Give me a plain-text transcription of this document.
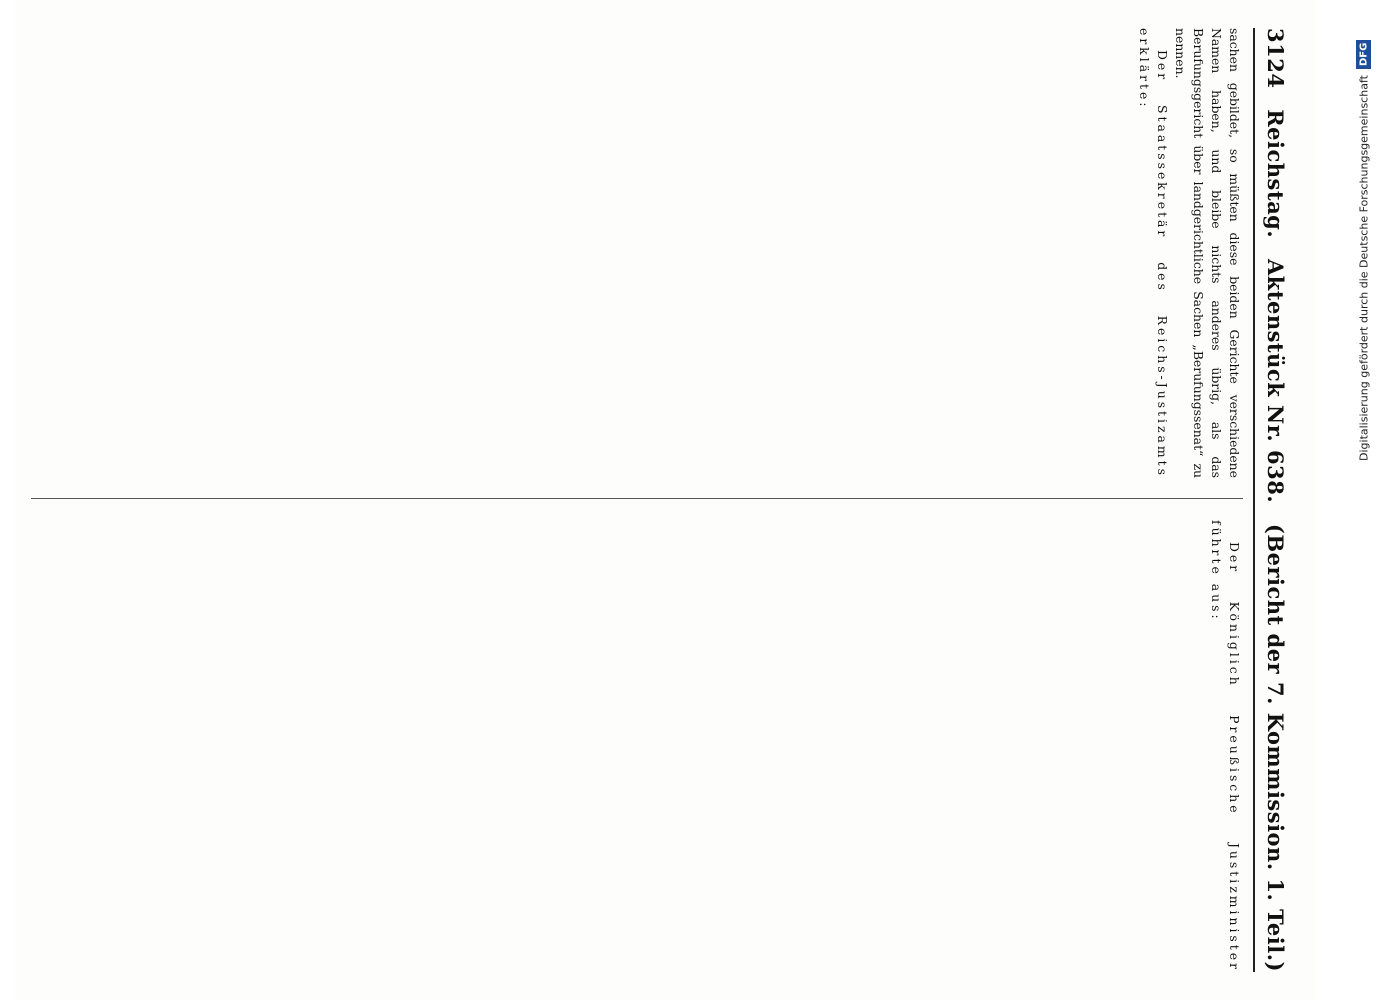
3124
Reichstag.
Aktenstück Nr. 638.
(Bericht der 7. Kommission. 1. Teil.)

sachen gebildet, so müßten diese beiden Gerichte verschiedene Namen haben, und bleibe nichts anderes übrig, als das Berufungsgericht über landgerichtliche Sachen „Berufungssenat“ zu nennen.

Der Staatssekretär des Reichs-Justizamts erklärte:

Der Königlich Preußische Justizminister führte aus:

Digitalisierung gefördert durch die Deutsche Forschungsgemeinschaft
DFG
